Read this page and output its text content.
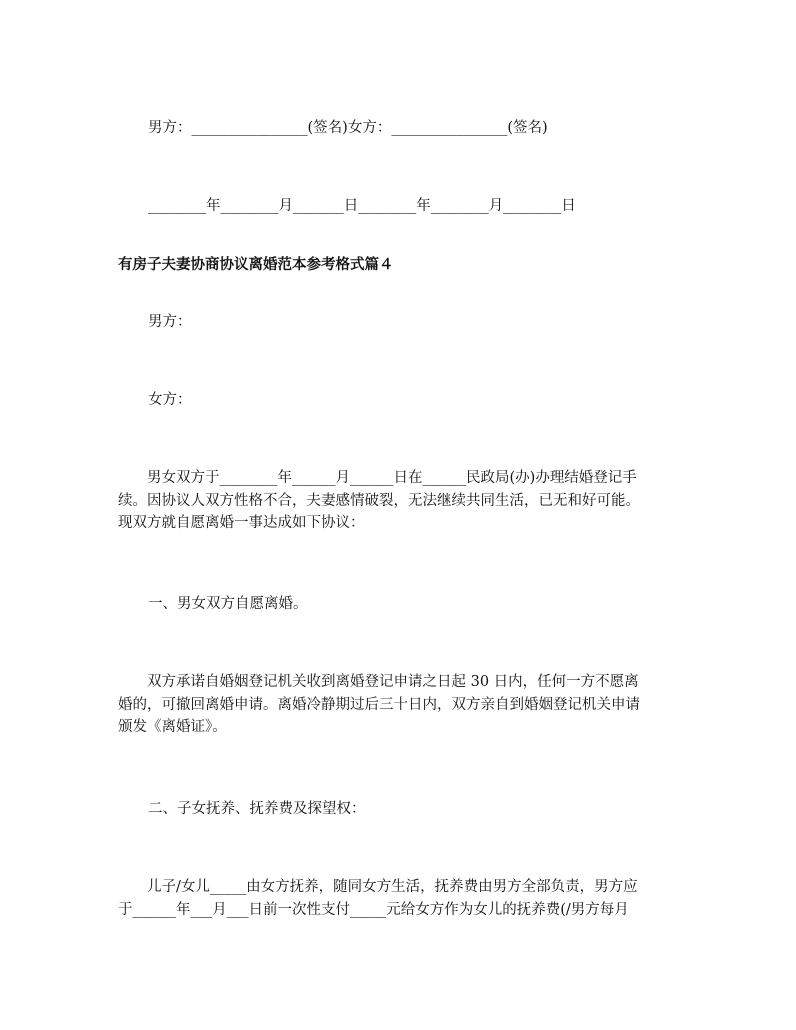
男方：________________(签名)女方：________________(签名)
________年________月_______日________年________月________日
有房子夫妻协商协议离婚范本参考格式篇４
男方：
女方：
　　男女双方于________年______月______日在______民政局(办)办理结婚登记手
续。因协议人双方性格不合，夫妻感情破裂，无法继续共同生活，已无和好可能。
现双方就自愿离婚一事达成如下协议：
一、男女双方自愿离婚。
　　双方承诺自婚姻登记机关收到离婚登记申请之日起 30 日内，任何一方不愿离
婚的，可撤回离婚申请。离婚冷静期过后三十日内，双方亲自到婚姻登记机关申请
颁发《离婚证》。
二、子女抚养、抚养费及探望权：
　　儿子/女儿_____由女方抚养，随同女方生活，抚养费由男方全部负责，男方应
于______年___月___日前一次性支付_____元给女方作为女儿的抚养费(/男方每月
